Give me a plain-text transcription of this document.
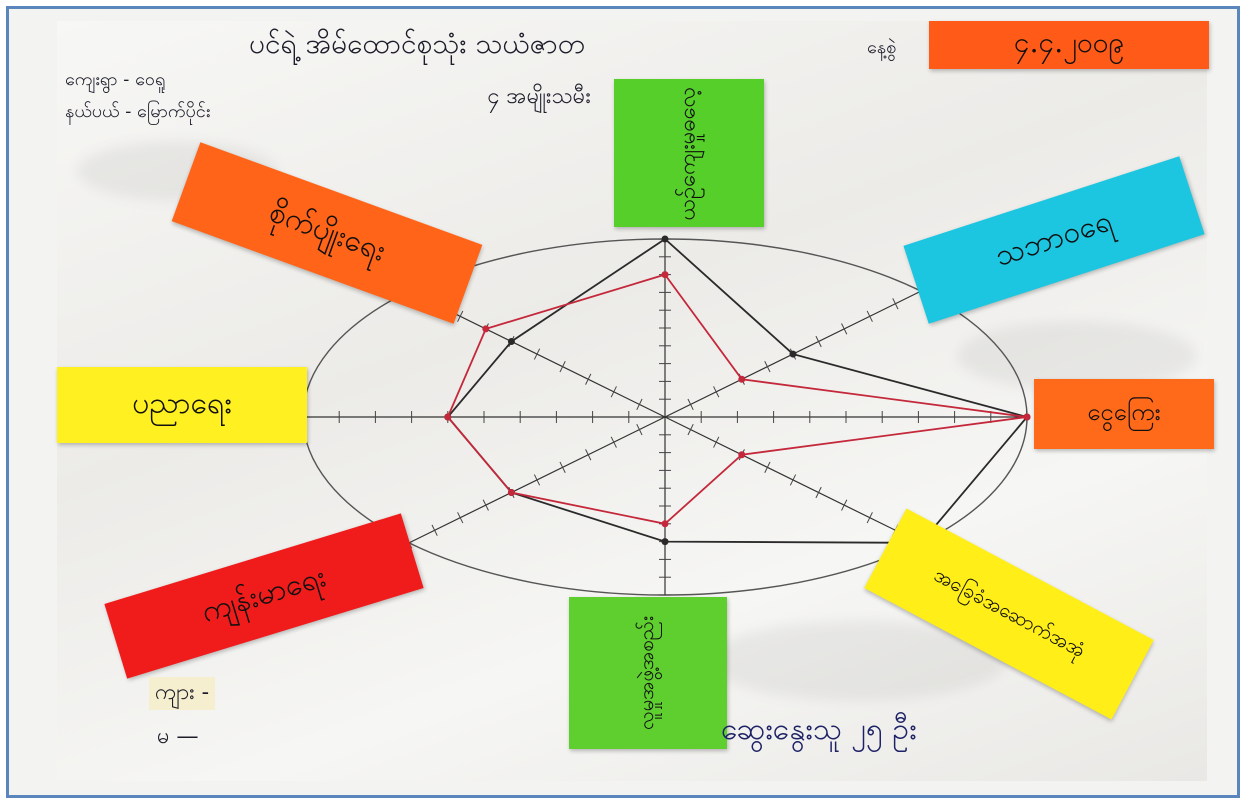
ပင်ရဲ့ အိမ်ထောင်စုသုံး သယံဇာတ	နေ့စွဲ	၄.၄.၂၀၀၉
ကျေးရွာ - ဝေရူ
နယ်ပယ် - မြောက်ပိုင်း
၄ အမျိုးသမီး	ယဉ်ကျေးမှုဓလေ့
သဘာဝရေ
ငွေကြေး
အခြေခံအဆောက်အအုံ
လူမှုအဖွဲ့အစည်း
ကျန်းမာရေး
ပညာရေး
စိုက်ပျိုးရေး
ကျား -
မ —	ဆွေးနွေးသူ ၂၅ ဦး
